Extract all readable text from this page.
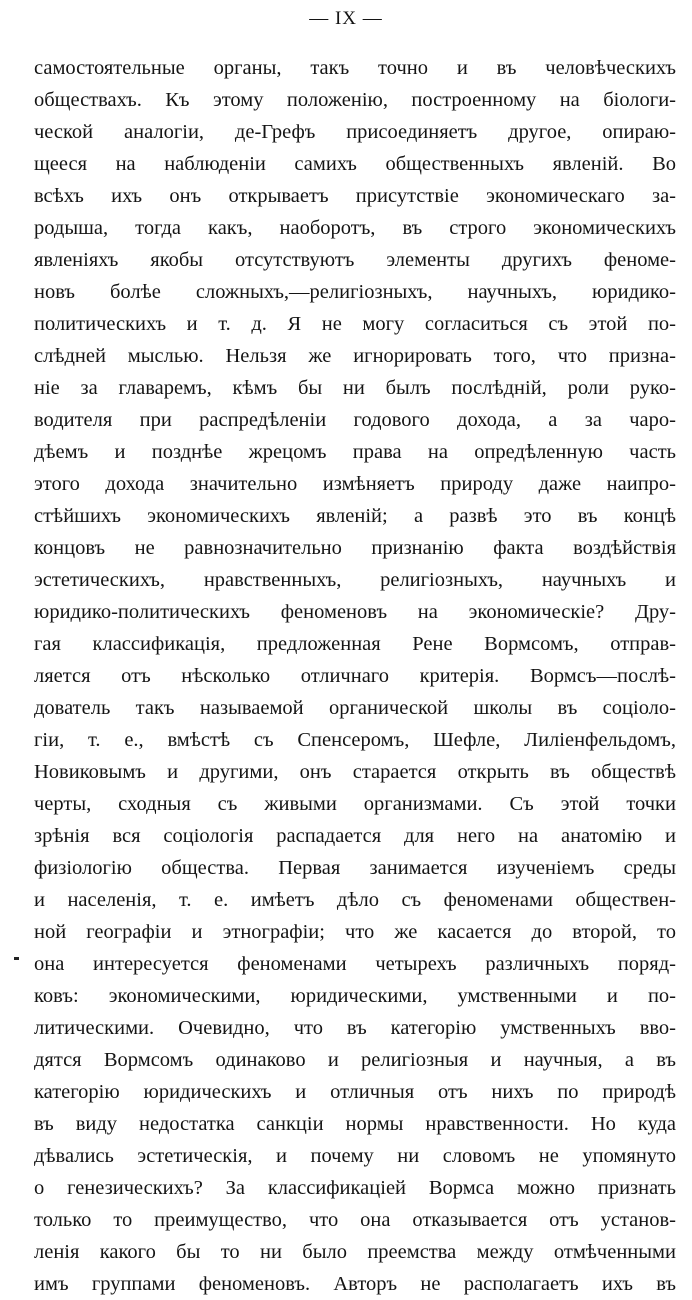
— IX —
самостоятельные органы, такъ точно и въ человѣческихъ
обществахъ. Къ этому положенію, построенному на біологи-
ческой аналогіи, де-Грефъ присоединяетъ другое, опираю-
щееся на наблюденіи самихъ общественныхъ явленій. Во
всѣхъ ихъ онъ открываетъ присутствіе экономическаго за-
родыша, тогда какъ, наоборотъ, въ строго экономическихъ
явленіяхъ якобы отсутствуютъ элементы другихъ феноме-
новъ болѣе сложныхъ,—религіозныхъ, научныхъ, юридико-
политическихъ и т. д. Я не могу согласиться съ этой по-
слѣдней мыслью. Нельзя же игнорировать того, что призна-
ніе за главаремъ, кѣмъ бы ни былъ послѣдній, роли руко-
водителя при распредѣленіи годового дохода, а за чаро-
дѣемъ и позднѣе жрецомъ права на опредѣленную часть
этого дохода значительно измѣняетъ природу даже наипро-
стѣйшихъ экономическихъ явленій; а развѣ это въ концѣ
концовъ не равнозначительно признанію факта воздѣйствія
эстетическихъ, нравственныхъ, религіозныхъ, научныхъ и
юридико-политическихъ феноменовъ на экономическіе? Дру-
гая классификація, предложенная Рене Вормсомъ, отправ-
ляется отъ нѣсколько отличнаго критерія. Вормсъ—послѣ-
дователь такъ называемой органической школы въ соціоло-
гіи, т. е., вмѣстѣ съ Спенсеромъ, Шефле, Лиліенфельдомъ,
Новиковымъ и другими, онъ старается открыть въ обществѣ
черты, сходныя съ живыми организмами. Съ этой точки
зрѣнія вся соціологія распадается для него на анатомію и
физіологію общества. Первая занимается изученіемъ среды
и населенія, т. е. имѣетъ дѣло съ феноменами обществен-
ной географіи и этнографіи; что же касается до второй, то
она интересуется феноменами четырехъ различныхъ поряд-
ковъ: экономическими, юридическими, умственными и по-
литическими. Очевидно, что въ категорію умственныхъ вво-
дятся Вормсомъ одинаково и религіозныя и научныя, а въ
категорію юридическихъ и отличныя отъ нихъ по природѣ
въ виду недостатка санкціи нормы нравственности. Но куда
дѣвались эстетическія, и почему ни словомъ не упомянуто
о генезическихъ? За классификаціей Вормса можно признать
только то преимущество, что она отказывается отъ установ-
ленія какого бы то ни было преемства между отмѣченными
имъ группами феноменовъ. Авторъ не располагаетъ ихъ въ
